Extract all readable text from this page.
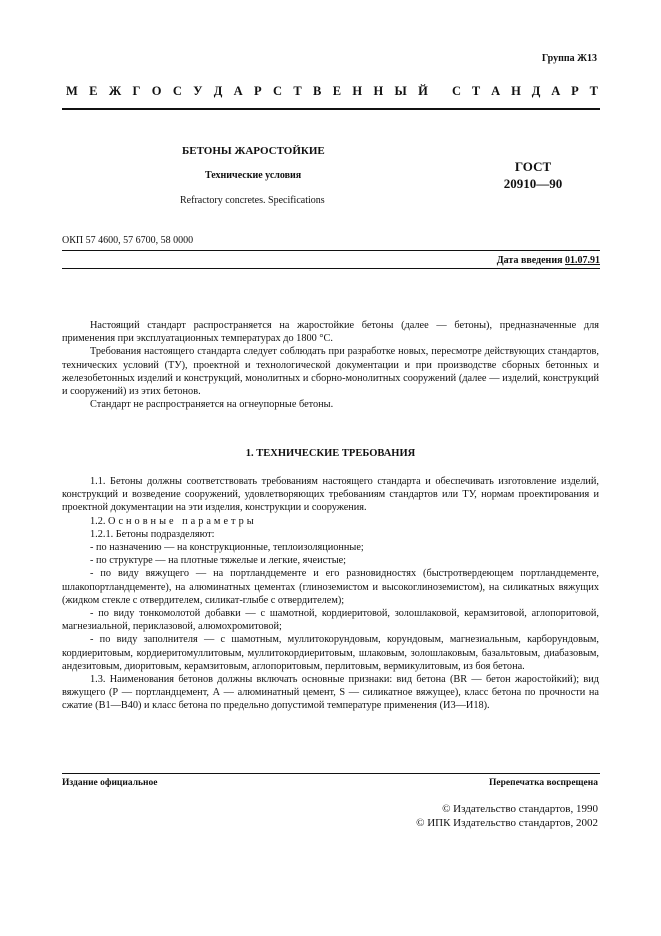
Группа Ж13
М Е Ж Г О С У Д А Р С Т В Е Н Н Ы Й С Т А Н Д А Р Т
БЕТОНЫ ЖАРОСТОЙКИЕ
Технические условия
Refractory concretes. Specifications
ГОСТ
20910—90
ОКП 57 4600, 57 6700, 58 0000
Дата введения 01.07.91

Настоящий стандарт распространяется на жаростойкие бетоны (далее — бетоны), предназначенные для применения при эксплуатационных температурах до 1800 °С.

Требования настоящего стандарта следует соблюдать при разработке новых, пересмотре действующих стандартов, технических условий (ТУ), проектной и технологической документации и при производстве сборных бетонных и железобетонных изделий и конструкций, монолитных и сборно-монолитных сооружений (далее — изделий, конструкций и сооружений) из этих бетонов.

Стандарт не распространяется на огнеупорные бетоны.

1. ТЕХНИЧЕСКИЕ ТРЕБОВАНИЯ

1.1. Бетоны должны соответствовать требованиям настоящего стандарта и обеспечивать изготовление изделий, конструкций и возведение сооружений, удовлетворяющих требованиям стандартов или ТУ, нормам проектирования и проектной документации на эти изделия, конструкции и сооружения.

1.2. Основные параметры

1.2.1. Бетоны подразделяют:

- по назначению — на конструкционные, теплоизоляционные;

- по структуре — на плотные тяжелые и легкие, ячеистые;

- по виду вяжущего — на портландцементе и его разновидностях (быстротвердеющем портландцементе, шлакопортландцементе), на алюминатных цементах (глиноземистом и высокоглиноземистом), на силикатных вяжущих (жидком стекле с отвердителем, силикат-глыбе с отвердителем);

- по виду тонкомолотой добавки — с шамотной, кордиеритовой, золошлаковой, керамзитовой, аглопоритовой, магнезиальной, периклазовой, алюмохромитовой;

- по виду заполнителя — с шамотным, муллитокорундовым, корундовым, магнезиальным, карборундовым, кордиеритовым, кордиеритомуллитовым, муллитокордиеритовым, шлаковым, золошлаковым, базальтовым, диабазовым, андезитовым, диоритовым, керамзитовым, аглопоритовым, перлитовым, вермикулитовым, из боя бетона.

1.3. Наименования бетонов должны включать основные признаки: вид бетона (BR — бетон жаростойкий); вид вяжущего (Р — портландцемент, А — алюминатный цемент, S — силикатное вяжущее), класс бетона по прочности на сжатие (В1—В40) и класс бетона по предельно допустимой температуре применения (И3—И18).

Издание официальное	Перепечатка воспрещена
© Издательство стандартов, 1990
© ИПК Издательство стандартов, 2002
